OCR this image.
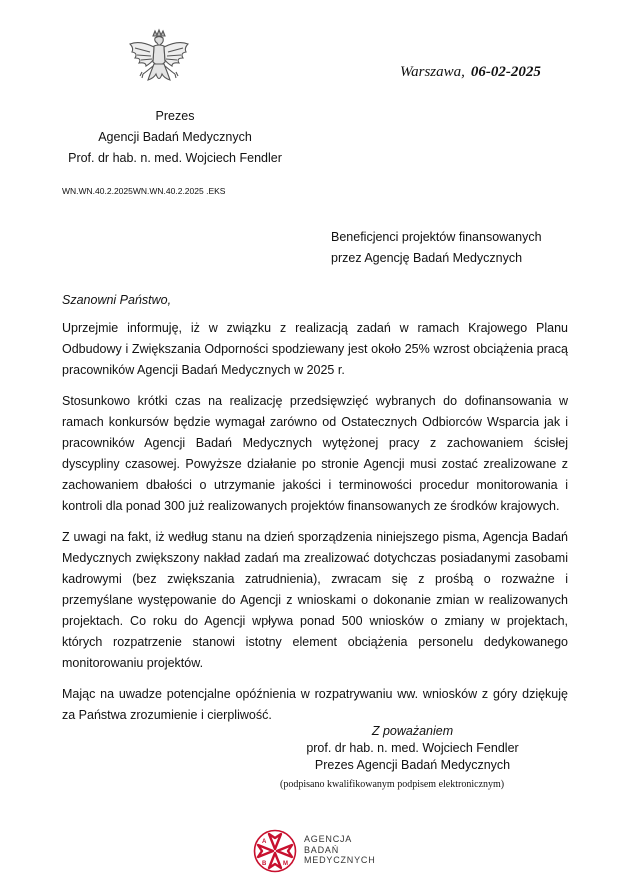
Warszawa, 06-02-2025
Prezes
Agencji Badań Medycznych
Prof. dr hab. n. med. Wojciech Fendler
WN.WN.40.2.2025WN.WN.40.2.2025 .EKS
Beneficjenci projektów finansowanych
przez Agencję Badań Medycznych
Szanowni Państwo,

Uprzejmie informuję, iż w związku z realizacją zadań w ramach Krajowego Planu Odbudowy i Zwiększania Odporności spodziewany jest około 25% wzrost obciążenia pracą pracowników Agencji Badań Medycznych w 2025 r.

Stosunkowo krótki czas na realizację przedsięwzięć wybranych do dofinansowania w ramach konkursów będzie wymagał zarówno od Ostatecznych Odbiorców Wsparcia jak i pracowników Agencji Badań Medycznych wytężonej pracy z zachowaniem ścisłej dyscypliny czasowej. Powyższe działanie po stronie Agencji musi zostać zrealizowane z zachowaniem dbałości o utrzymanie jakości i terminowości procedur monitorowania i kontroli dla ponad 300 już realizowanych projektów finansowanych ze środków krajowych.

Z uwagi na fakt, iż według stanu na dzień sporządzenia niniejszego pisma, Agencja Badań Medycznych zwiększony nakład zadań ma zrealizować dotychczas posiadanymi zasobami kadrowymi (bez zwiększania zatrudnienia), zwracam się z prośbą o rozważne i przemyślane występowanie do Agencji z wnioskami o dokonanie zmian w realizowanych projektach. Co roku do Agencji wpływa ponad 500 wniosków o zmiany w projektach, których rozpatrzenie stanowi istotny element obciążenia personelu dedykowanego monitorowaniu projektów.

Mając na uwadze potencjalne opóźnienia w rozpatrywaniu ww. wniosków z góry dziękuję za Państwa zrozumienie i cierpliwość.

Z poważaniem
prof. dr hab. n. med. Wojciech Fendler
Prezes Agencji Badań Medycznych
(podpisano kwalifikowanym podpisem elektronicznym)
A
B	M
AGENCJA
BADAŃ
MEDYCZNYCH
